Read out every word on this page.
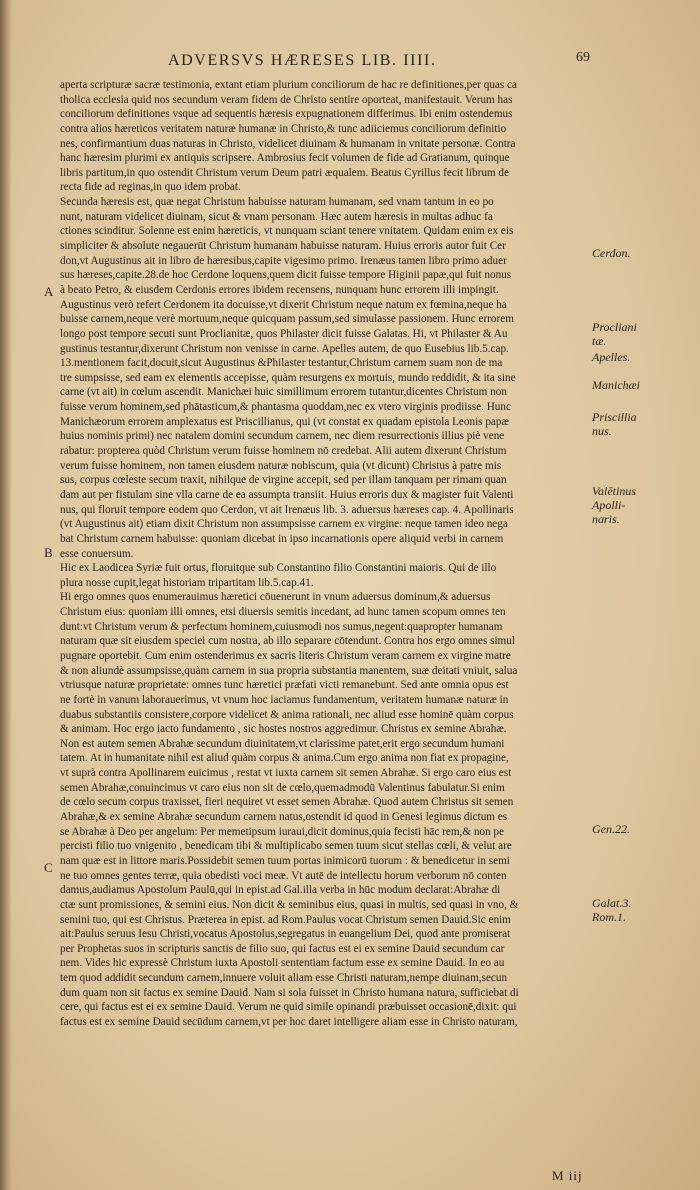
ADVERSVS HÆRESES LIB. IIII.	69
A
B
C
Cerdon.
Procliani
tæ.
Apelles.
Manichæi
Priscillia
nus.
Valētinus
Apolli-
naris.
Gen.22.
Galat.3.
Rom.1.
aperta scripturæ sacræ testimonia, extant etiam plurium conciliorum de hac re definitiones,per quas ca
tholica ecclesia quid nos secundum veram fidem de Christo sentire oporteat, manifestauit. Verum has
conciliorum definitiones vsque ad sequentis hæresis expugnationem differimus. Ibi enim ostendemus
contra alios hæreticos veritatem naturæ humanæ in Christo,& tunc adiiciemus conciliorum definitio
nes, confirmantium duas naturas in Christo, videlicet diuinam & humanam in vnitate personæ. Contra
hanc hæresim plurimi ex antiquis scripsere. Ambrosius fecit volumen de fide ad Gratianum, quinque
libris partitum,in quo ostendit Christum verum Deum patri æqualem. Beatus Cyrillus fecit librum de
recta fide ad reginas,in quo idem probat.
Secunda hæresis est, quæ negat Christum habuisse naturam humanam, sed vnam tantum in eo po
nunt, naturam videlicet diuinam, sicut & vnam personam. Hæc autem hæresis in multas adhuc fa
ctiones scinditur. Solenne est enim hæreticis, vt nunquam sciant tenere vnitatem. Quidam enim ex eis
simpliciter & absolute negauerūt Christum humanam habuisse naturam. Huius erroris autor fuit Cer
don,vt Augustinus ait in libro de hæresibus,capite vigesimo primo. Irenæus tamen libro primo aduer
sus hæreses,capite.28.de hoc Cerdone loquens,quem dicit fuisse tempore Higinii papæ,qui fuit nonus
à beato Petro, & eiusdem Cerdonis errores ibidem recensens, nunquam hunc errorem illi impingit.
Augustinus verò refert Cerdonem ita docuisse,vt dixerit Christum neque natum ex fœmina,neque ha
buisse carnem,neque verè mortuum,neque quicquam passum,sed simulasse passionem. Hunc errorem
longo post tempore secuti sunt Proclianitæ, quos Philaster dicit fuisse Galatas. Hi, vt Philaster & Au
gustinus testantur,dixerunt Christum non venisse in carne. Apelles autem, de quo Eusebius lib.5.cap.
13.mentionem facit,docuit,sicut Augustinus &Philaster testantur,Christum carnem suam non de ma
tre sumpsisse, sed eam ex elementis accepisse, quàm resurgens ex mortuis, mundo reddidit, & ita sine
carne (vt ait) in cœlum ascendit. Manichæi huic simillimum errorem tutantur,dicentes Christum non
fuisse verum hominem,sed phātasticum,& phantasma quoddam,nec ex vtero virginis prodiisse. Hunc
Manichæorum errorem amplexatus est Priscillianus, qui (vt constat ex quadam epistola Leonis papæ
huius nominis primi) nec natalem domini secundum carnem, nec diem resurrectionis illius piè vene
rabatur: propterea quòd Christum verum fuisse hominem nō credebat. Alii autem dixerunt Christum
verum fuisse hominem, non tamen eiusdem naturæ nobiscum, quia (vt dicunt) Christus à patre mis
sus, corpus cœleste secum traxit, nihilque de virgine accepit, sed per illam tanquam per rimam quan
dam aut per fistulam sine vlla carne de ea assumpta transiit. Huius erroris dux & magister fuit Valenti
nus, qui floruit tempore eodem quo Cerdon, vt ait Irenæus lib. 3. aduersus hæreses cap. 4. Apollinaris
(vt Augustinus ait) etiam dixit Christum non assumpsisse carnem ex virgine: neque tamen ideo nega
bat Christum carnem habuisse: quoniam dicebat in ipso incarnationis opere aliquid verbi in carnem
esse conuersum.
Hic ex Laodicea Syriæ fuit ortus, floruitque sub Constantino filio Constantini maioris. Qui de illo
plura nosse cupit,legat historiam tripartitam lib.5.cap.41.
Hi ergo omnes quos enumerauimus hæretici cōuenerunt in vnum aduersus dominum,& aduersus
Christum eius: quoniam illi omnes, etsi diuersis semitis incedant, ad hunc tamen scopum omnes ten
dunt:vt Christum verum & perfectum hominem,cuiusmodi nos sumus,negent:quapropter humanam
naturam quæ sit eiusdem speciei cum nostra, ab illo separare cōtendunt. Contra hos ergo omnes simul
pugnare oportebit. Cum enim ostenderimus ex sacris literis Christum veram carnem ex virgine matre
& non aliundè assumpsisse,quàm carnem in sua propria substantia manentem, suæ deitati vniuit, salua
vtriusque naturæ proprietate: omnes tunc hæretici præfati victi remanebunt. Sed ante omnia opus est
ne fortè in vanum laborauerimus, vt vnum hoc iaciamus fundamentum, veritatem humanæ naturæ in
duabus substantiis consistere,corpore videlicet & anima rationali, nec aliud esse hominē quàm corpus
& animam. Hoc ergo iacto fundamento , sic hostes nostros aggredimur. Christus ex semine Abrahæ.
Non est autem semen Abrahæ secundum diuinitatem,vt clarissime patet,erit ergo secundum humani
tatem. At in humanitate nihil est aliud quàm corpus & anima.Cum ergo anima non fiat ex propagine,
vt suprà contra Apollinarem euicimus , restat vt iuxta carnem sit semen Abrahæ. Si ergo caro eius est
semen Abrahæ,conuincimus vt caro eius non sit de cœlo,quemadmodū Valentinus fabulatur.Si enim
de cœlo secum corpus traxisset, fieri nequiret vt esset semen Abrahæ. Quod autem Christus sit semen
Abrahæ,& ex semine Abrahæ secundum carnem natus,ostendit id quod in Genesi legimus dictum es
se Abrahæ à Deo per angelum: Per memetipsum iuraui,dicit dominus,quia fecisti hāc rem,& non pe
percisti filio tuo vnigenito , benedicam tibi & multiplicabo semen tuum sicut stellas cœli, & velut are
nam quæ est in littore maris.Possidebit semen tuum portas inimicorū tuorum : & benedicetur in semi
ne tuo omnes gentes terræ, quia obedisti voci meæ. Vt autē de intellectu horum verborum nō conten
damus,audiamus Apostolum Paulū,qui in epist.ad Gal.illa verba in hūc modum declarat:Abrahæ di
ctæ sunt promissiones, & semini eius. Non dicit & seminibus eius, quasi in multis, sed quasi in vno, &
semini tuo, qui est Christus. Præterea in epist. ad Rom.Paulus vocat Christum semen Dauid.Sic enim
ait:Paulus seruus Iesu Christi,vocatus Apostolus,segregatus in euangelium Dei, quod ante promiserat
per Prophetas suos in scripturis sanctis de filio suo, qui factus est ei ex semine Dauid secundum car
nem. Vides hic expressè Christum iuxta Apostoli sententiam factum esse ex semine Dauid. In eo au
tem quod addidit secundum carnem,innuere voluit aliam esse Christi naturam,nempe diuinam,secun
dum quam non sit factus ex semine Dauid. Nam si sola fuisset in Christo humana natura, sufficiebat di
cere, qui factus est ei ex semine Dauid. Verum ne quid simile opinandi præbuisset occasionē,dixit: qui
factus est ex semine Dauid secūdum carnem,vt per hoc daret intelligere aliam esse in Christo naturam,
M iij
